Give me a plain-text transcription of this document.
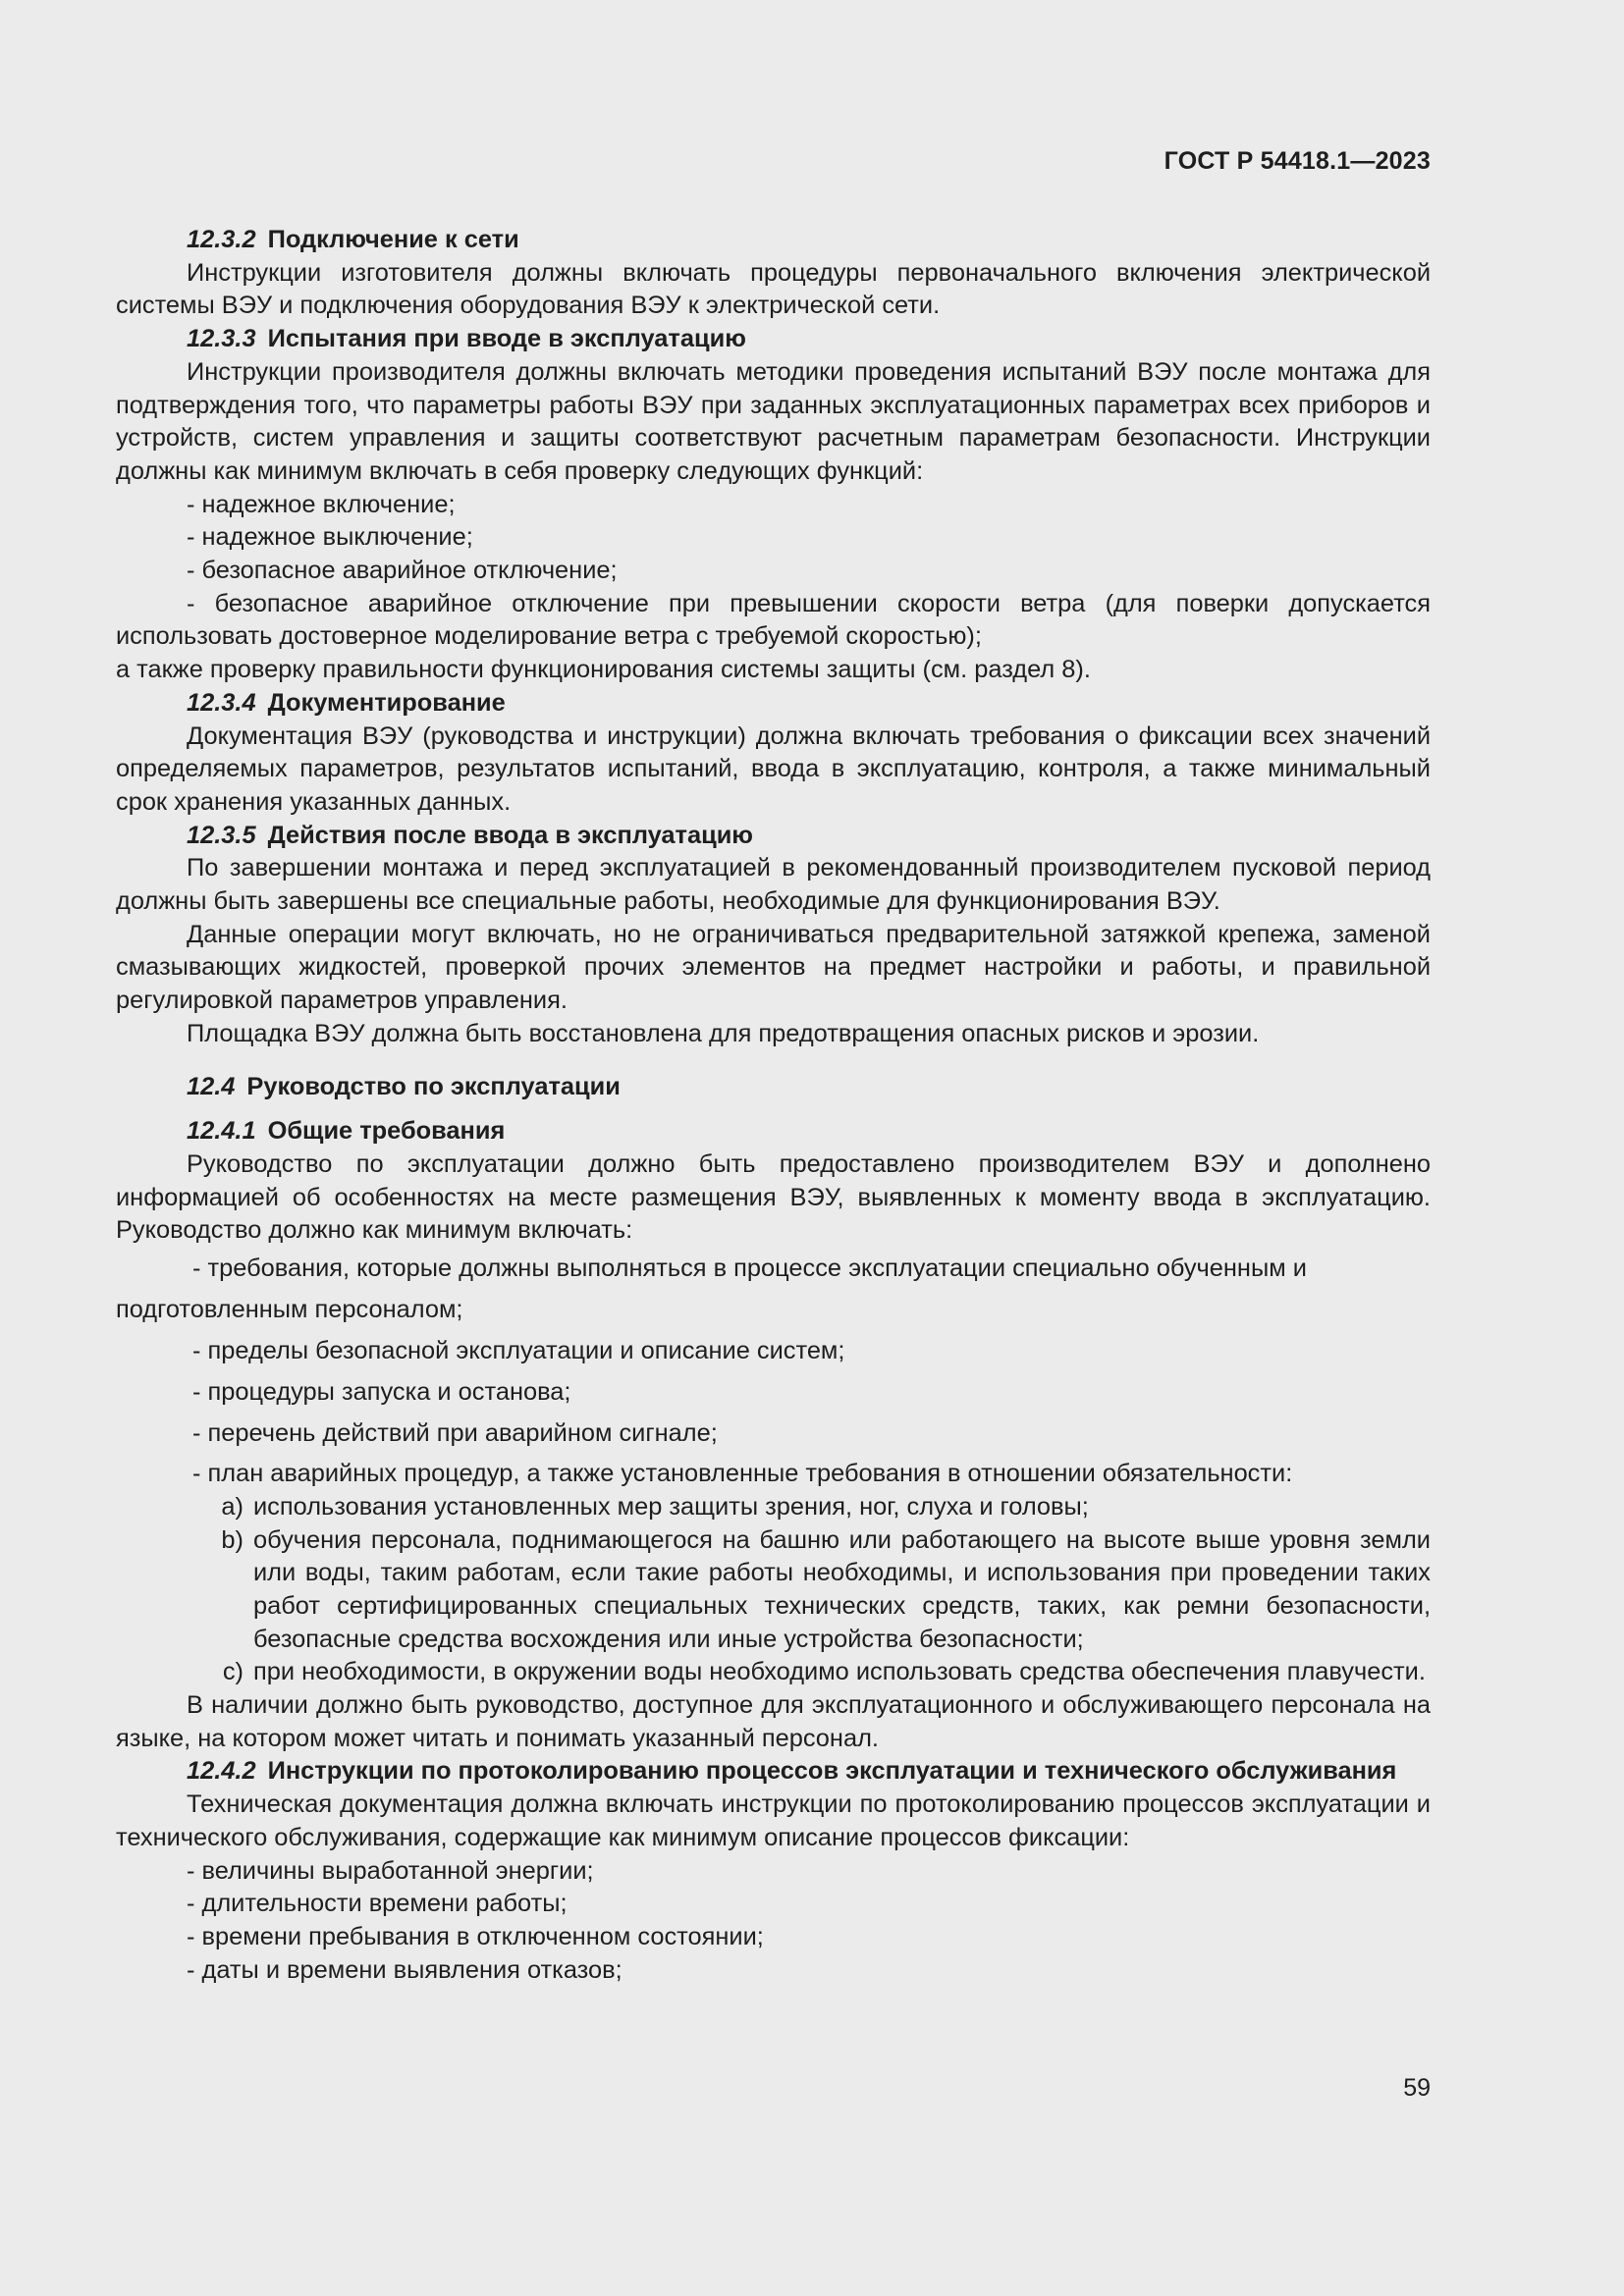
ГОСТ Р 54418.1—2023

12.3.2 Подключение к сети

Инструкции изготовителя должны включать процедуры первоначального включения электрической системы ВЭУ и подключения оборудования ВЭУ к электрической сети.

12.3.3 Испытания при вводе в эксплуатацию

Инструкции производителя должны включать методики проведения испытаний ВЭУ после монтажа для подтверждения того, что параметры работы ВЭУ при заданных эксплуатационных параметрах всех приборов и устройств, систем управления и защиты соответствуют расчетным параметрам безопасности. Инструкции должны как минимум включать в себя проверку следующих функций:

- надежное включение;

- надежное выключение;

- безопасное аварийное отключение;

- безопасное аварийное отключение при превышении скорости ветра (для поверки допускается использовать достоверное моделирование ветра с требуемой скоростью);

а также проверку правильности функционирования системы защиты (см. раздел 8).

12.3.4 Документирование

Документация ВЭУ (руководства и инструкции) должна включать требования о фиксации всех значений определяемых параметров, результатов испытаний, ввода в эксплуатацию, контроля, а также минимальный срок хранения указанных данных.

12.3.5 Действия после ввода в эксплуатацию

По завершении монтажа и перед эксплуатацией в рекомендованный производителем пусковой период должны быть завершены все специальные работы, необходимые для функционирования ВЭУ.

Данные операции могут включать, но не ограничиваться предварительной затяжкой крепежа, заменой смазывающих жидкостей, проверкой прочих элементов на предмет настройки и работы, и правильной регулировкой параметров управления.

Площадка ВЭУ должна быть восстановлена для предотвращения опасных рисков и эрозии.

12.4 Руководство по эксплуатации

12.4.1 Общие требования

Руководство по эксплуатации должно быть предоставлено производителем ВЭУ и дополнено информацией об особенностях на месте размещения ВЭУ, выявленных к моменту ввода в эксплуатацию. Руководство должно как минимум включать:

- требования, которые должны выполняться в процессе эксплуатации специально обученным и
подготовленным персоналом;

- пределы безопасной эксплуатации и описание систем;

- процедуры запуска и останова;

- перечень действий при аварийном сигнале;

- план аварийных процедур, а также установленные требования в отношении обязательности:

а) использования установленных мер защиты зрения, ног, слуха и головы;
b) обучения персонала, поднимающегося на башню или работающего на высоте выше уровня земли или воды, таким работам, если такие работы необходимы, и использования при проведении таких работ сертифицированных специальных технических средств, таких, как ремни безопасности, безопасные средства восхождения или иные устройства безопасности;
с) при необходимости, в окружении воды необходимо использовать средства обеспечения плавучести.

В наличии должно быть руководство, доступное для эксплуатационного и обслуживающего персонала на языке, на котором может читать и понимать указанный персонал.

12.4.2 Инструкции по протоколированию процессов эксплуатации и технического обслуживания

Техническая документация должна включать инструкции по протоколированию процессов эксплуатации и технического обслуживания, содержащие как минимум описание процессов фиксации:

- величины выработанной энергии;

- длительности времени работы;

- времени пребывания в отключенном состоянии;

- даты и времени выявления отказов;

59
